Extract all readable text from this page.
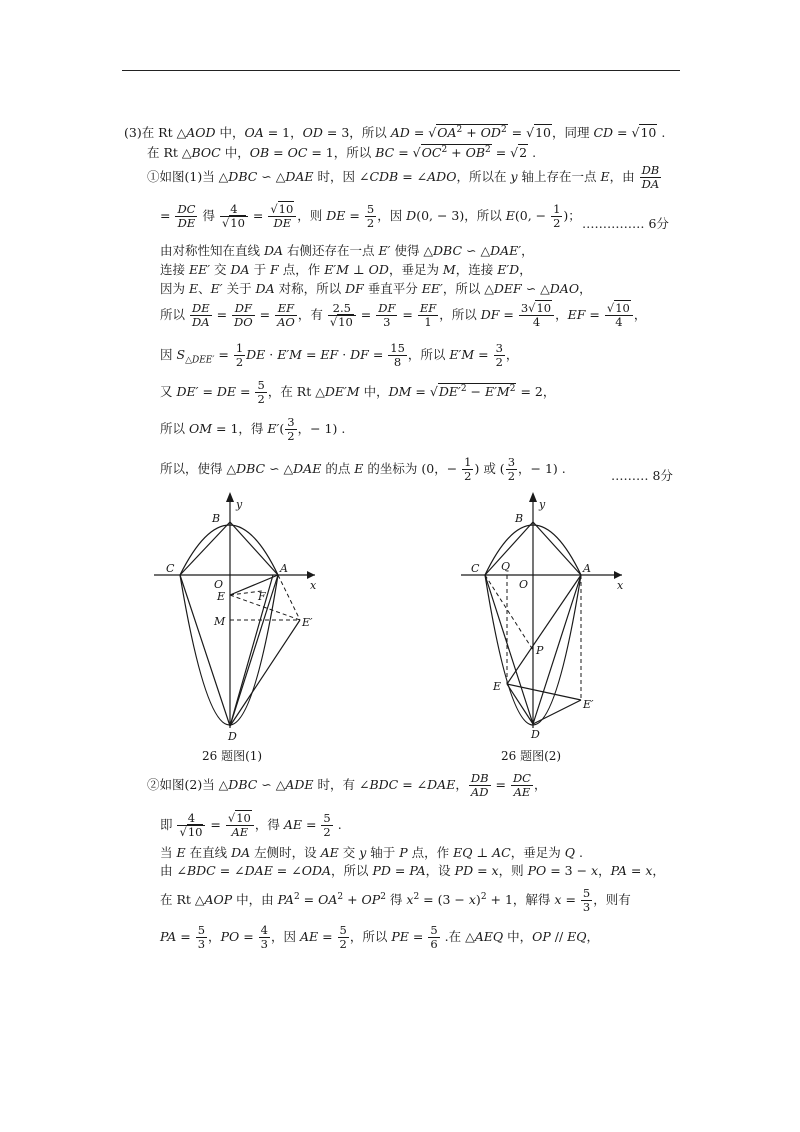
(3)在 Rt △AOD 中，OA = 1，OD = 3，所以 AD = $√OA^2 + OD^2 = √10$，同理 CD = √10 .
在 Rt △BOC 中，OB = OC = 1，所以 BC = $√OC^2 + OB^2 = √2$ .
①如图(1)当 △DBC ∽ △DAE 时，因 ∠CDB = ∠ADO，所以在 y 轴上存在一点 E，由 $\frac{DB}{DA}$
= $\frac{DC}{DE}$ 得 $\frac{4}{√10} = \frac{√10}{DE}$ ，则 DE = $\frac{5}{2}$ ，因 D(0, − 3)，所以 E(0, − $\frac{1}{2}$ )；
…………… 6分
由对称性知在直线 DA 右侧还存在一点 E′ 使得 △DBC ∽ △DAE′，
连接 EE′ 交 DA 于 F 点，作 E′M ⊥ OD，垂足为 M，连接 E′D，
因为 E、E′ 关于 DA 对称，所以 DF 垂直平分 EE′，所以 △DEF ∽ △DAO，
所以 $\frac{DE}{DA} = \frac{DF}{DO} = \frac{EF}{AO}$ ，有 $\frac{2.5}{√10} = \frac{DF}{3} = \frac{EF}{1}$ ，所以 DF = $\frac{3√10}{4}$ ，EF = $\frac{√10}{4}$ ，
因 $S_{\triangle DEE'} = \frac{1}{2}$ DE · E′M = EF · DF = $\frac{15}{8}$ ，所以 $E'M = \frac{3}{2}$ ，
又 DE′ = DE = $\frac{5}{2}$ ，在 Rt △DE′M 中，DM = $√DE'^2 - E'M^2 = 2$，
所以 OM = 1，得 $E'( \frac{3}{2}$ ，− 1) .
所以，使得 △DBC ∽ △DAE 的点 E 的坐标为 (0，− $\frac{1}{2}$ ) 或 ( $\frac{3}{2}$ ，− 1) .	……… 8分
B
y
C	A
x
O
E	F
M	E′
D
26 题图(1)
B
y
C Q
O
A
x
P
E
E′
D
26 题图(2)
②如图(2)当 △DBC ∽ △ADE 时，有 ∠BDC = ∠DAE， $\frac{DB}{AD} = \frac{DC}{AE}$ ，
即 $\frac{4}{√10} = \frac{√10}{AE}$ ，得 AE = $\frac{5}{2}$ .
当 E 在直线 DA 左侧时，设 AE 交 y 轴于 P 点，作 EQ ⊥ AC，垂足为 Q .
由 ∠BDC = ∠DAE = ∠ODA，所以 PD = PA，设 PD = x，则 PO = 3 − x，PA = x，
在 Rt △AOP 中，由 $PA^2 = OA^2 + OP^2$ 得 $x^2 = (3 - x)^2 + 1$，解得 $x = \frac{5}{3}$ ，则有
PA = $\frac{5}{3}$ ，PO = $\frac{4}{3}$ ，因 AE = $\frac{5}{2}$ ，所以 PE = $\frac{5}{6}$ .在 △AEQ 中，OP // EQ，
